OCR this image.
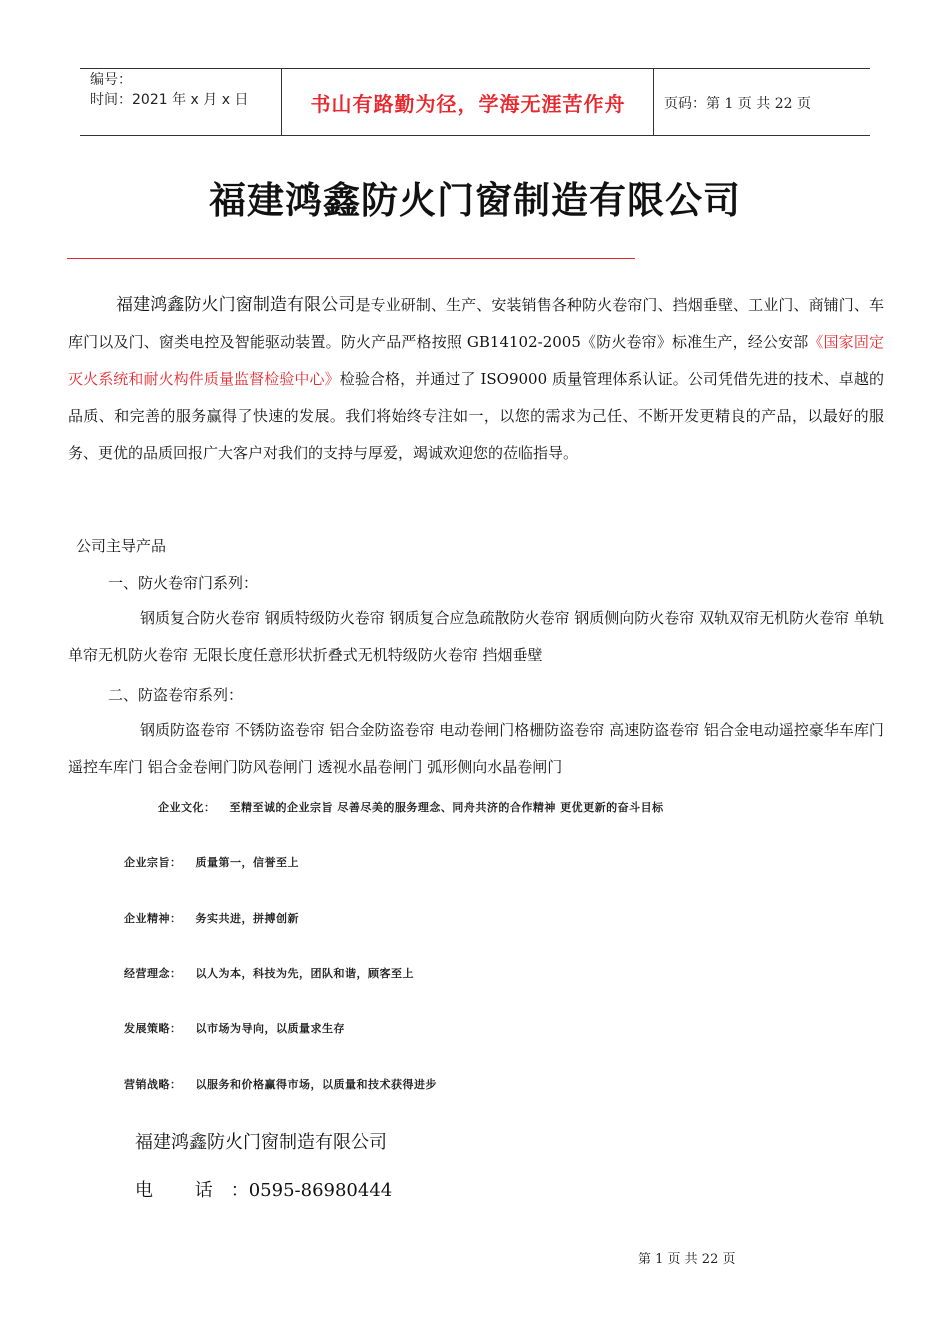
编号：
时间：2021 年 x 月 x 日	书山有路勤为径，学海无涯苦作舟	页码：第 1 页 共 22 页
福建鸿鑫防火门窗制造有限公司
福建鸿鑫防火门窗制造有限公司是专业研制、生产、安装销售各种防火卷帘门、挡烟垂壁、工业门、商铺门、车库门以及门、窗类电控及智能驱动装置。防火产品严格按照 GB14102-2005《防火卷帘》标准生产，经公安部《国家固定灭火系统和耐火构件质量监督检验中心》检验合格，并通过了 ISO9000 质量管理体系认证。公司凭借先进的技术、卓越的品质、和完善的服务赢得了快速的发展。我们将始终专注如一，以您的需求为己任、不断开发更精良的产品，以最好的服务、更优的品质回报广大客户对我们的支持与厚爱，竭诚欢迎您的莅临指导。
公司主导产品
一、防火卷帘门系列：
钢质复合防火卷帘 钢质特级防火卷帘 钢质复合应急疏散防火卷帘 钢质侧向防火卷帘 双轨双帘无机防火卷帘 单轨单帘无机防火卷帘 无限长度任意形状折叠式无机特级防火卷帘 挡烟垂壁
二、防盗卷帘系列：
钢质防盗卷帘 不锈防盗卷帘 铝合金防盗卷帘 电动卷闸门格栅防盗卷帘 高速防盗卷帘 铝合金电动遥控豪华车库门 遥控车库门 铝合金卷闸门防风卷闸门 透视水晶卷闸门 弧形侧向水晶卷闸门
企业文化： 至精至诚的企业宗旨 尽善尽美的服务理念、同舟共济的合作精神 更优更新的奋斗目标
企业宗旨： 质量第一，信誉至上
企业精神： 务实共进，拼搏创新
经营理念： 以人为本，科技为先，团队和谐，顾客至上
发展策略： 以市场为导向，以质量求生存
营销战略： 以服务和价格赢得市场，以质量和技术获得进步
福建鸿鑫防火门窗制造有限公司
电 话：0595-86980444
第 1 页 共 22 页
